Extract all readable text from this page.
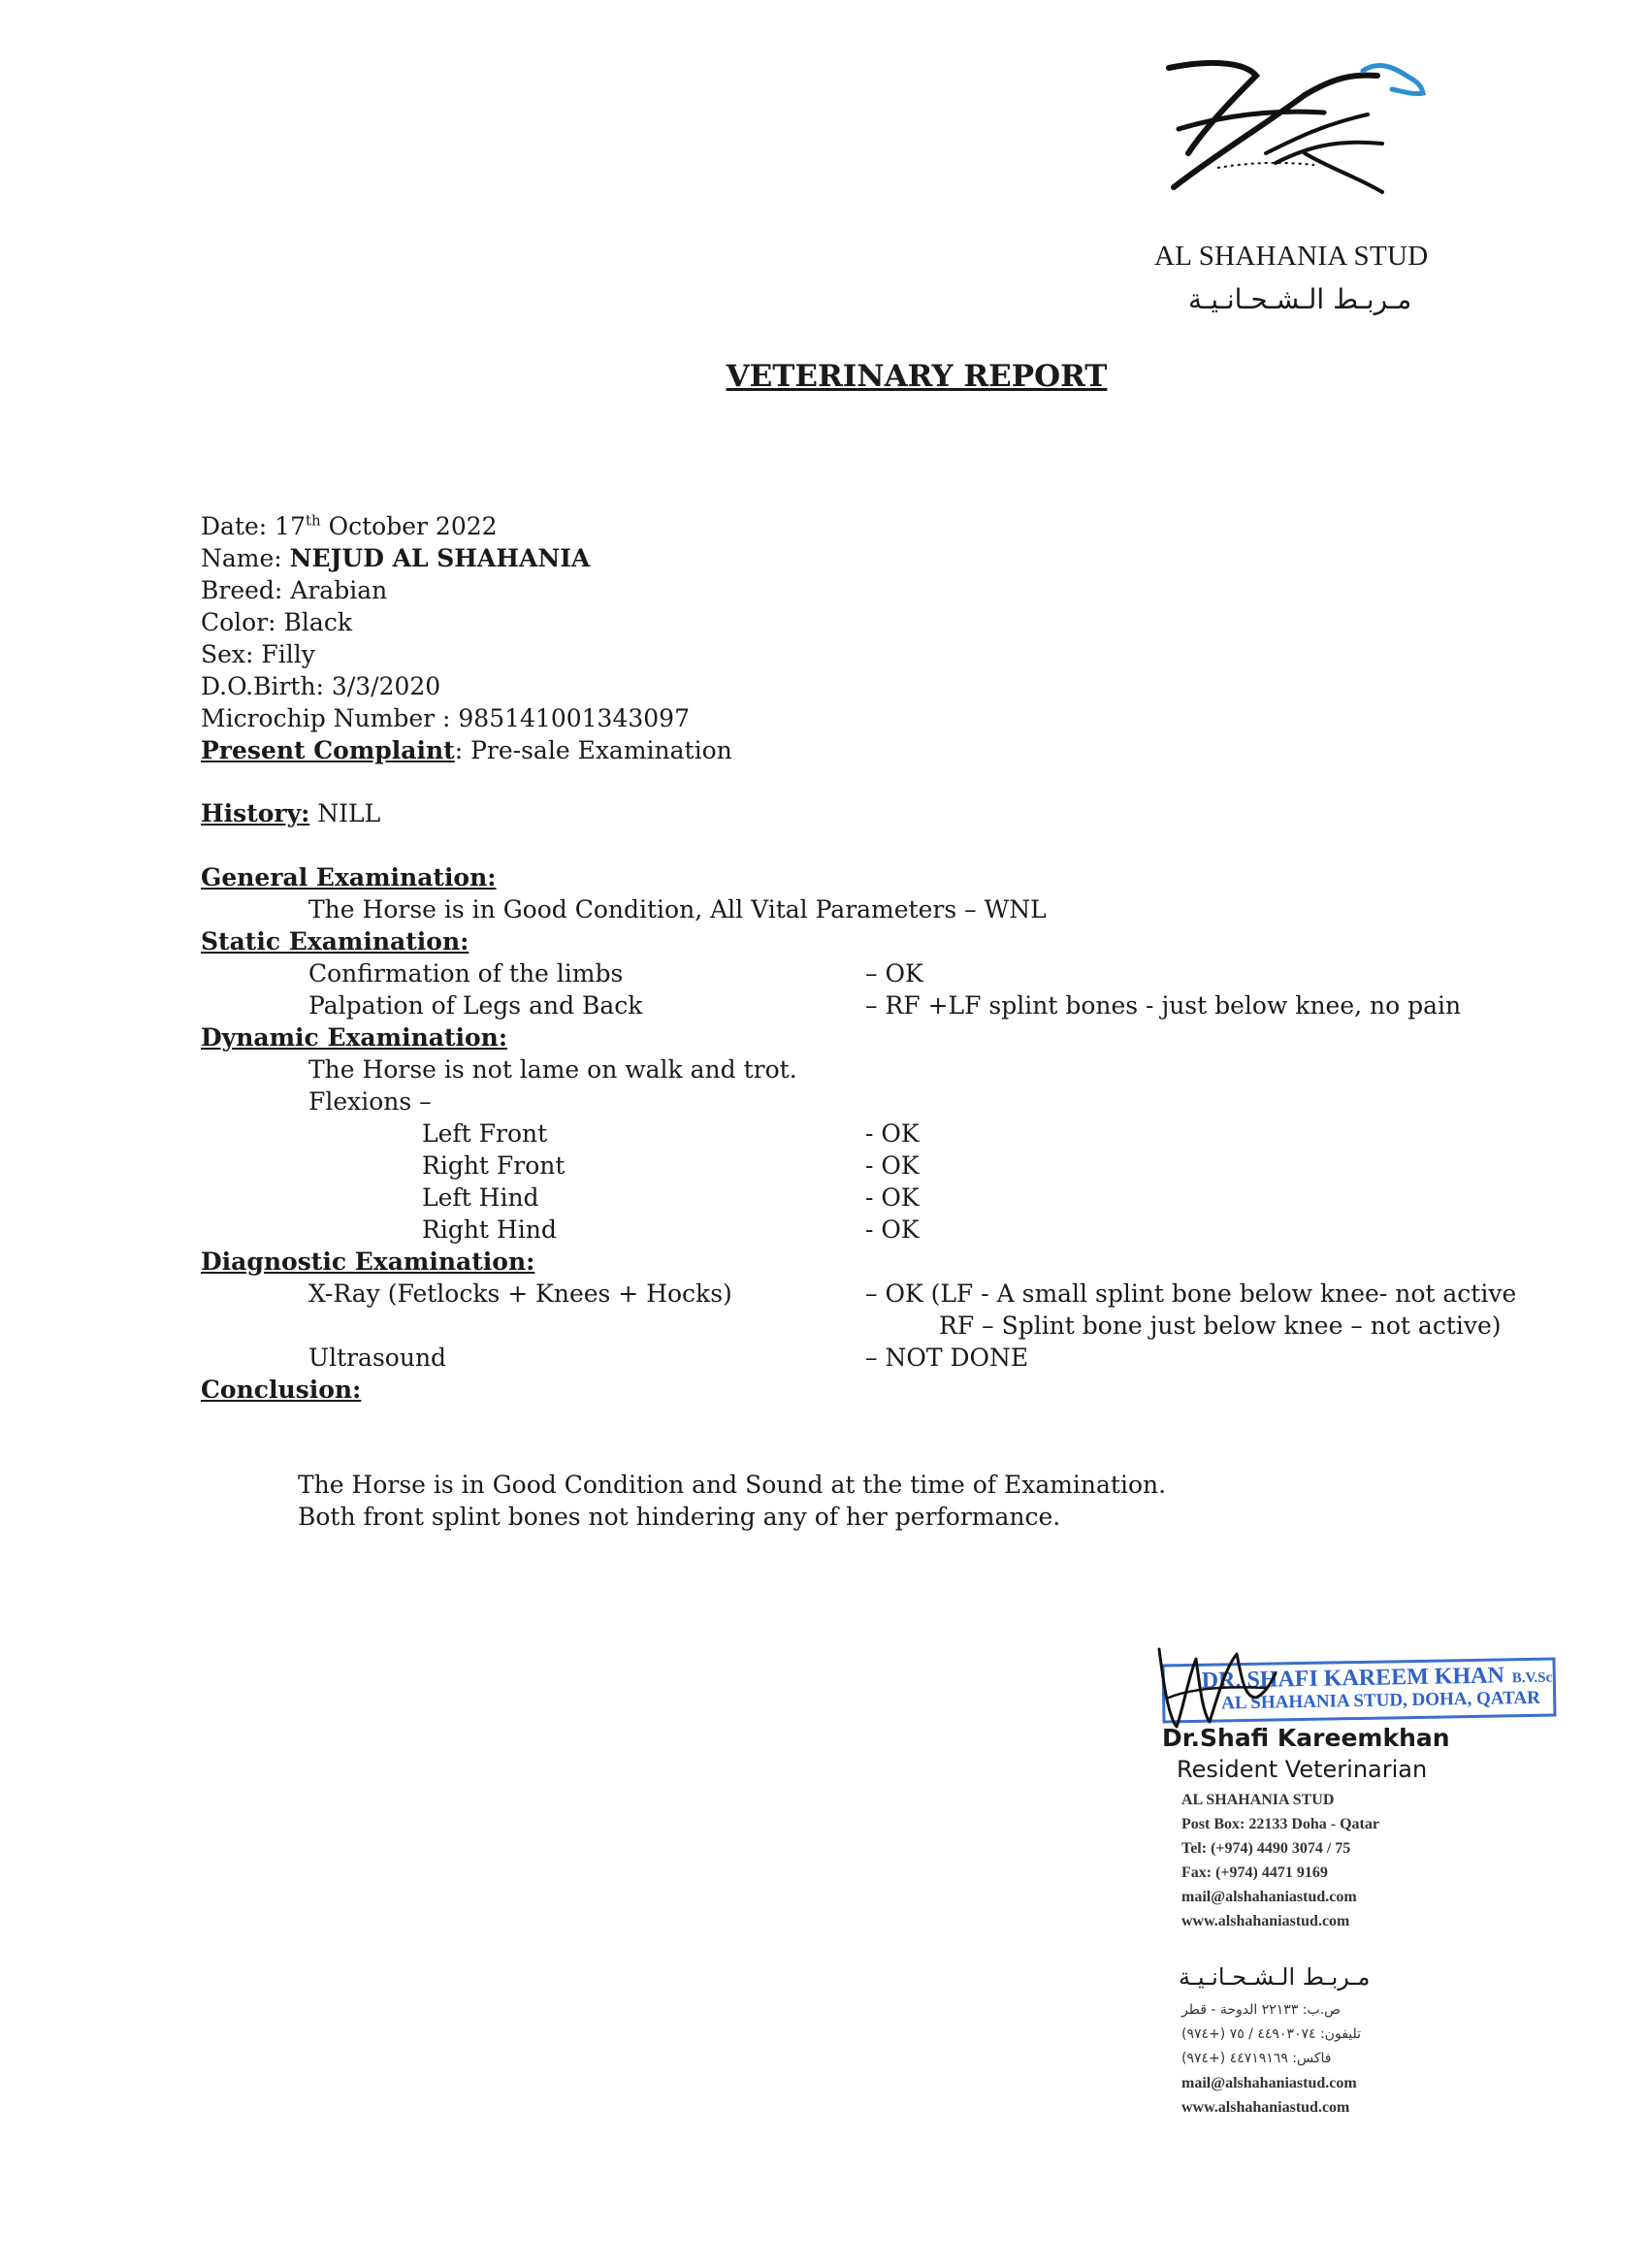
AL SHAHANIA STUD
مـربـط الـشـحـانـيـة
VETERINARY REPORT
Date: 17th October 2022
Name: NEJUD AL SHAHANIA
Breed: Arabian
Color: Black
Sex: Filly
D.O.Birth: 3/3/2020
Microchip Number : 985141001343097
Present Complaint: Pre-sale Examination
History: NILL
General Examination:
The Horse is in Good Condition, All Vital Parameters – WNL
Static Examination:
Confirmation of the limbs	– OK
Palpation of Legs and Back	– RF +LF splint bones - just below knee, no pain
Dynamic Examination:
The Horse is not lame on walk and trot.
Flexions –
Left Front	- OK
Right Front	- OK
Left Hind	- OK
Right Hind	- OK
Diagnostic Examination:
X-Ray (Fetlocks + Knees + Hocks)	– OK (LF - A small splint bone below knee- not active
RF – Splint bone just below knee – not active)
Ultrasound	– NOT DONE
Conclusion:
The Horse is in Good Condition and Sound at the time of Examination.
Both front splint bones not hindering any of her performance.
DR. SHAFI KAREEM KHAN B.V.Sc
AL SHAHANIA STUD, DOHA, QATAR
Dr.Shafi Kareemkhan
Resident Veterinarian
AL SHAHANIA STUD
Post Box: 22133 Doha - Qatar
Tel: (+974) 4490 3074 / 75
Fax: (+974) 4471 9169
mail@alshahaniastud.com
www.alshahaniastud.com
مـربـط الـشـحـانـيـة
ص.ب: ٢٢١٣٣ الدوحة - قطر
تليفون: ٤٤٩٠٣٠٧٤ / ٧٥ (+٩٧٤)
فاكس: ٤٤٧١٩١٦٩ (+٩٧٤)
mail@alshahaniastud.com
www.alshahaniastud.com
